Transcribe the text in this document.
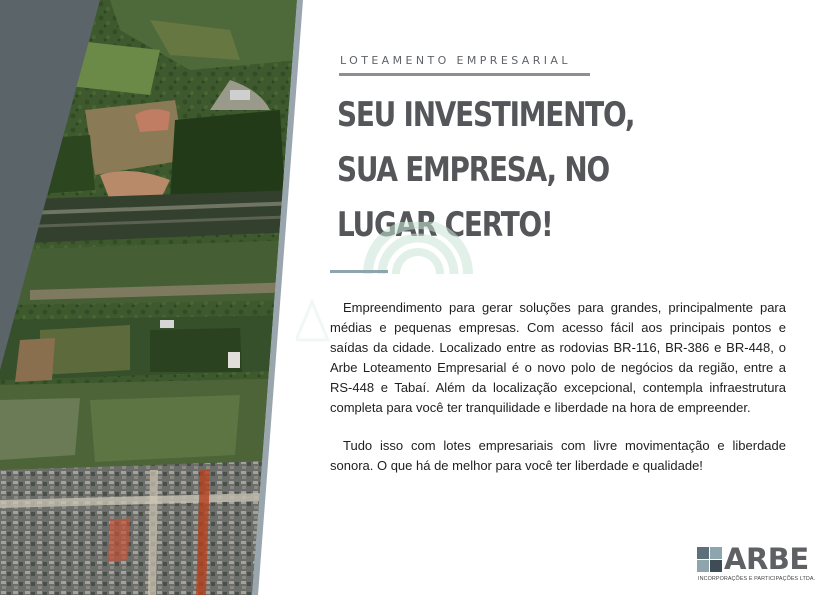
LOTEAMENTO EMPRESARIAL
SEU INVESTIMENTO,
SUA EMPRESA, NO
LUGAR CERTO!

Empreendimento para gerar soluções para grandes, principalmente para médias e pequenas empresas. Com acesso fácil aos principais pontos e saídas da cidade. Localizado entre as rodovias BR-116, BR-386 e BR-448, o Arbe Loteamento Empresarial é o novo polo de negócios da região, entre a RS-448 e Tabaí. Além da localização excepcional, contempla infraestrutura completa para você ter tranquilidade e liberdade na hora de empreender.

Tudo isso com lotes empresariais com livre movimentação e liberdade sonora. O que há de melhor para você ter liberdade e qualidade!

ARBE
INCORPORAÇÕES E PARTICIPAÇÕES LTDA.
